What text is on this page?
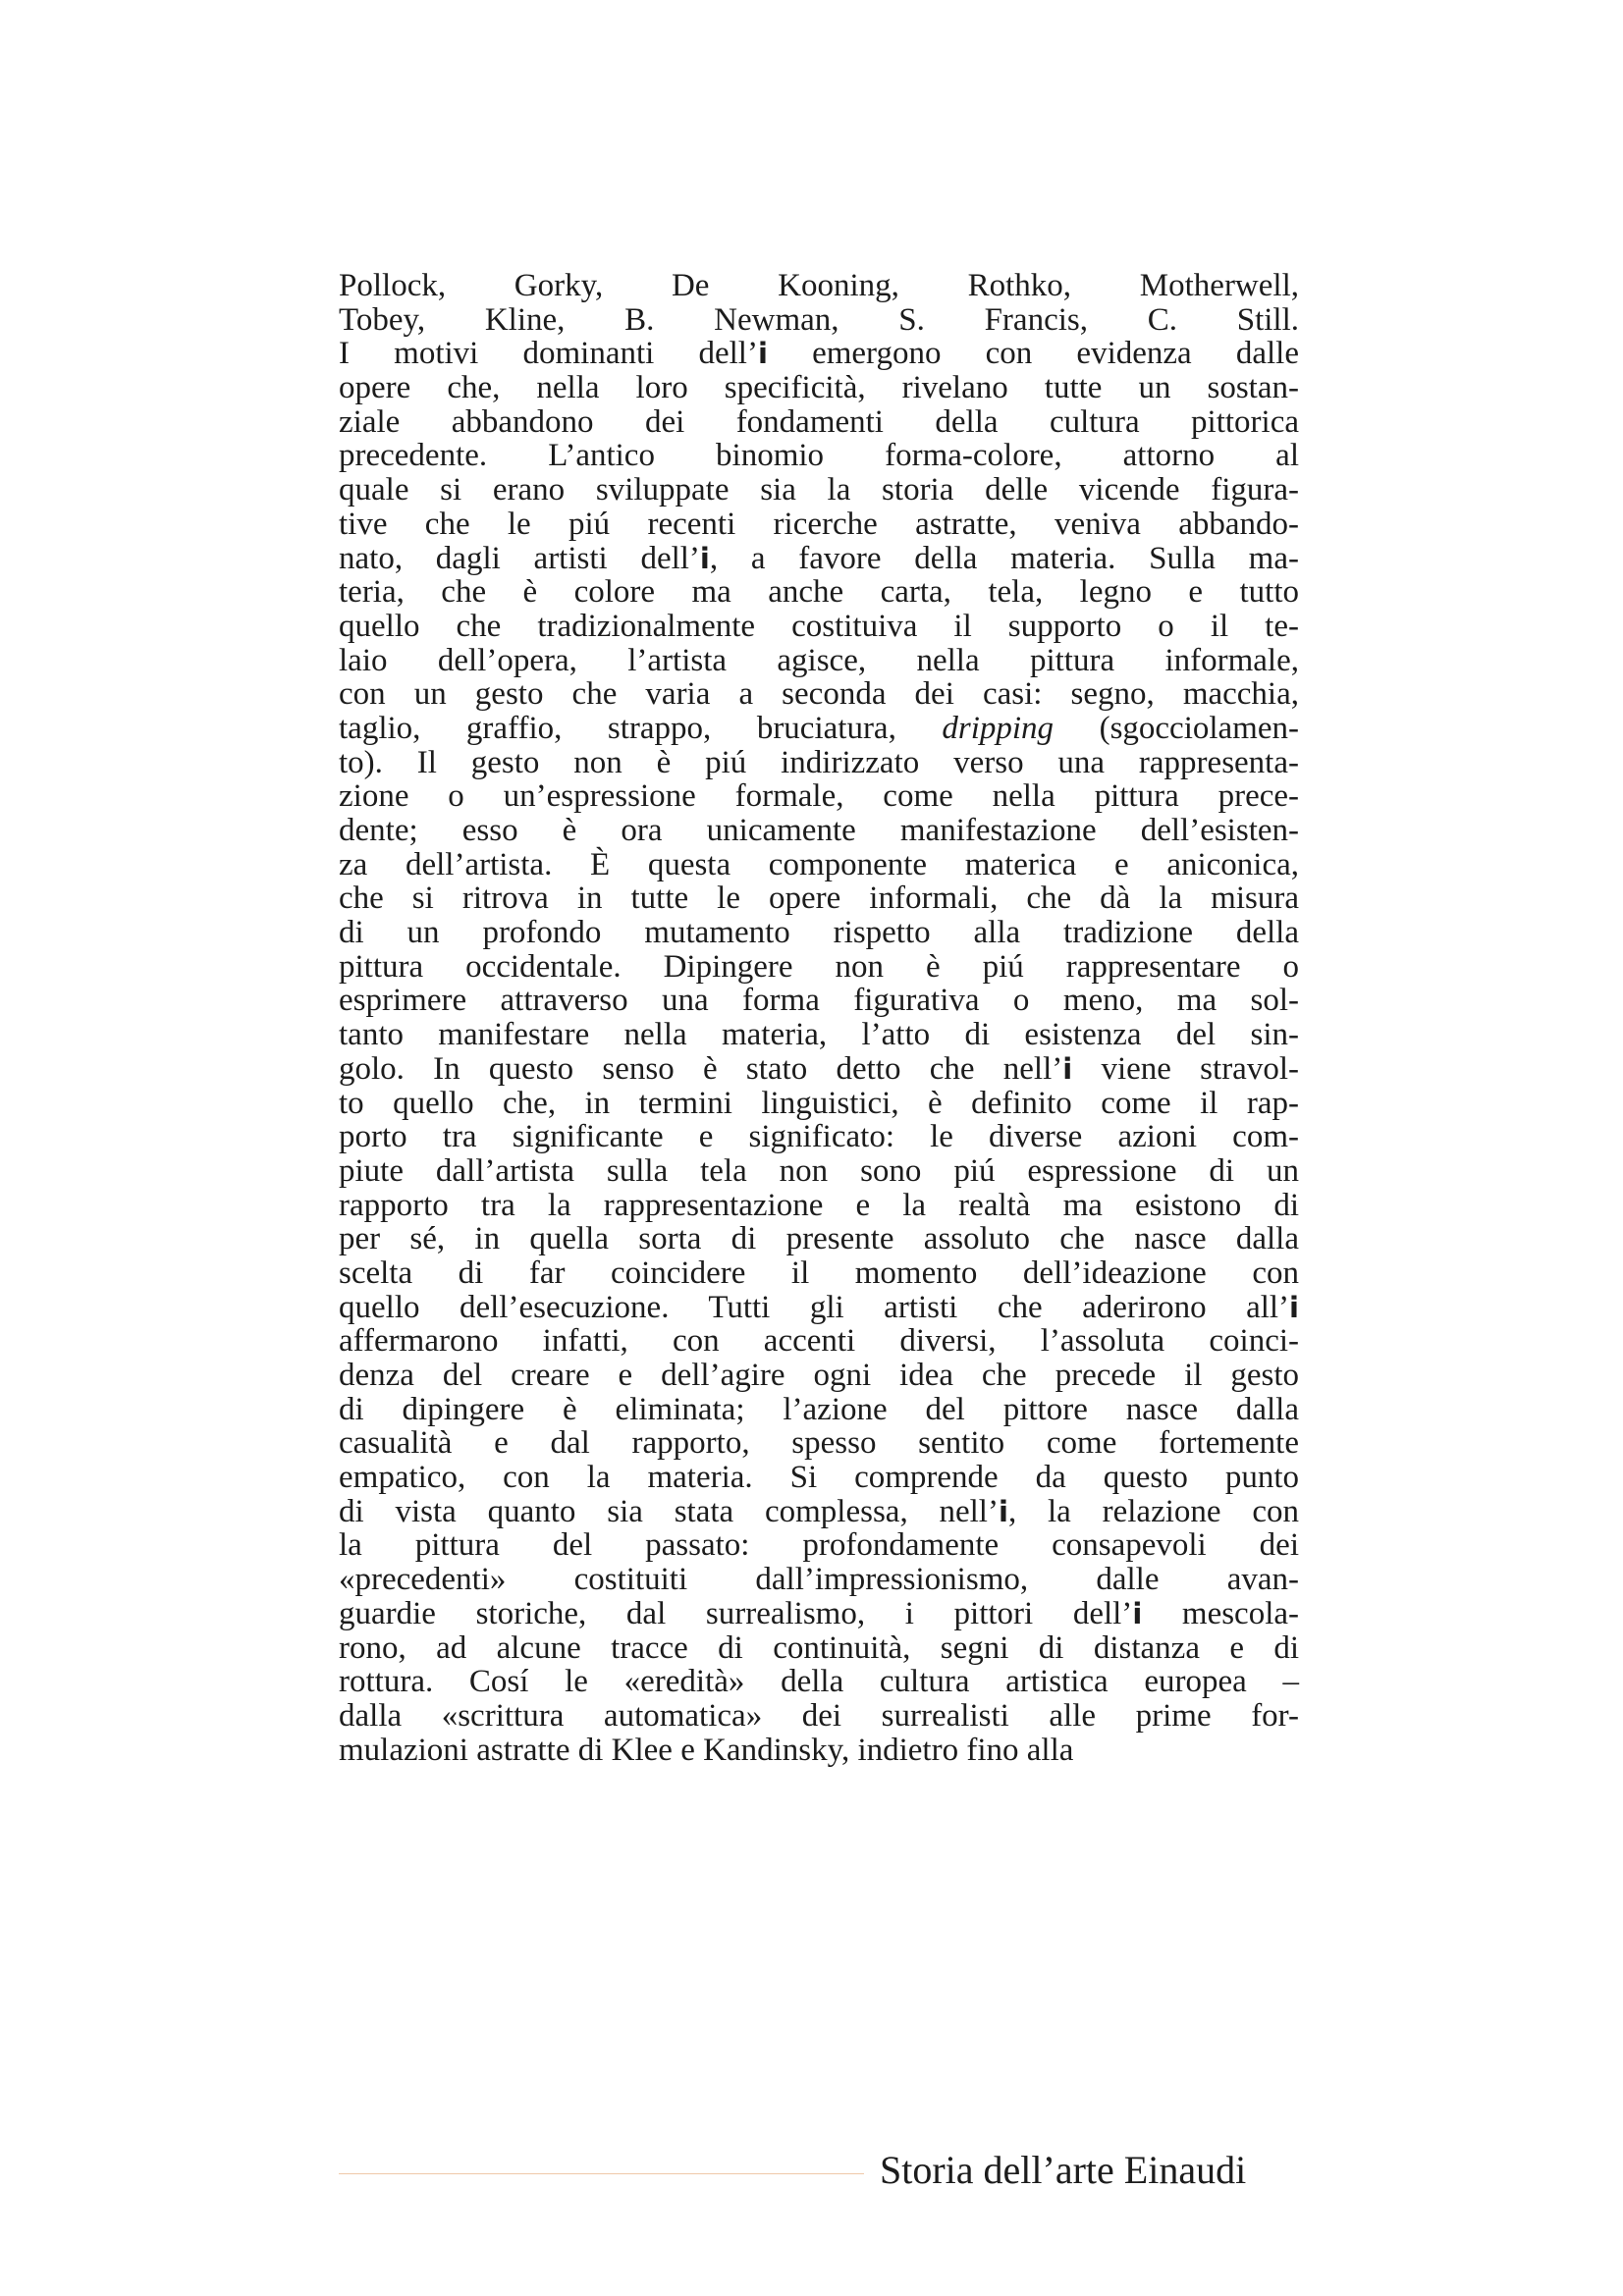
Pollock, Gorky, De Kooning, Rothko, Motherwell,
Tobey, Kline, B. Newman, S. Francis, C. Still.
I motivi dominanti dell’i emergono con evidenza dalle
opere che, nella loro specificità, rivelano tutte un sostan-
ziale abbandono dei fondamenti della cultura pittorica
precedente. L’antico binomio forma-colore, attorno al
quale si erano sviluppate sia la storia delle vicende figura-
tive che le piú recenti ricerche astratte, veniva abbando-
nato, dagli artisti dell’i, a favore della materia. Sulla ma-
teria, che è colore ma anche carta, tela, legno e tutto
quello che tradizionalmente costituiva il supporto o il te-
laio dell’opera, l’artista agisce, nella pittura informale,
con un gesto che varia a seconda dei casi: segno, macchia,
taglio, graffio, strappo, bruciatura, dripping (sgocciolamen-
to). Il gesto non è piú indirizzato verso una rappresenta-
zione o un’espressione formale, come nella pittura prece-
dente; esso è ora unicamente manifestazione dell’esisten-
za dell’artista. È questa componente materica e aniconica,
che si ritrova in tutte le opere informali, che dà la misura
di un profondo mutamento rispetto alla tradizione della
pittura occidentale. Dipingere non è piú rappresentare o
esprimere attraverso una forma figurativa o meno, ma sol-
tanto manifestare nella materia, l’atto di esistenza del sin-
golo. In questo senso è stato detto che nell’i viene stravol-
to quello che, in termini linguistici, è definito come il rap-
porto tra significante e significato: le diverse azioni com-
piute dall’artista sulla tela non sono piú espressione di un
rapporto tra la rappresentazione e la realtà ma esistono di
per sé, in quella sorta di presente assoluto che nasce dalla
scelta di far coincidere il momento dell’ideazione con
quello dell’esecuzione. Tutti gli artisti che aderirono all’i
affermarono infatti, con accenti diversi, l’assoluta coinci-
denza del creare e dell’agire ogni idea che precede il gesto
di dipingere è eliminata; l’azione del pittore nasce dalla
casualità e dal rapporto, spesso sentito come fortemente
empatico, con la materia. Si comprende da questo punto
di vista quanto sia stata complessa, nell’i, la relazione con
la pittura del passato: profondamente consapevoli dei
«precedenti» costituiti dall’impressionismo, dalle avan-
guardie storiche, dal surrealismo, i pittori dell’i mescola-
rono, ad alcune tracce di continuità, segni di distanza e di
rottura. Cosí le «eredità» della cultura artistica europea –
dalla «scrittura automatica» dei surrealisti alle prime for-
mulazioni astratte di Klee e Kandinsky, indietro fino alla
Storia dell’arte Einaudi
